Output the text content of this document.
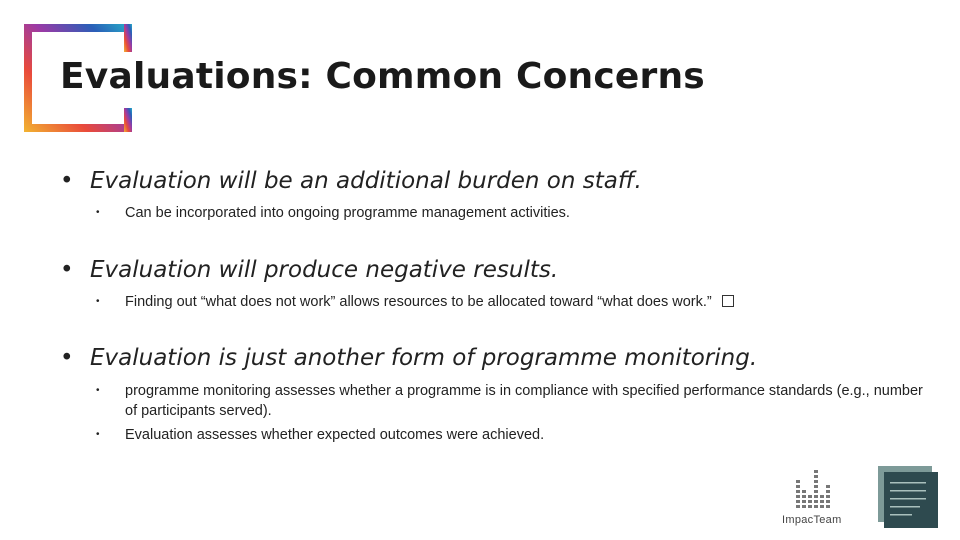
Evaluations: Common Concerns
• Evaluation will be an additional burden on staff.
•	Can be incorporated into ongoing programme management activities.
• Evaluation will produce negative results.
•	Finding out “what does not work” allows resources to be allocated toward “what does work.”
• Evaluation is just another form of programme monitoring.
•	programme monitoring assesses whether a programme is in compliance with specified performance standards (e.g., number of participants served).
•	Evaluation assesses whether expected outcomes were achieved.
ImpacTeam
